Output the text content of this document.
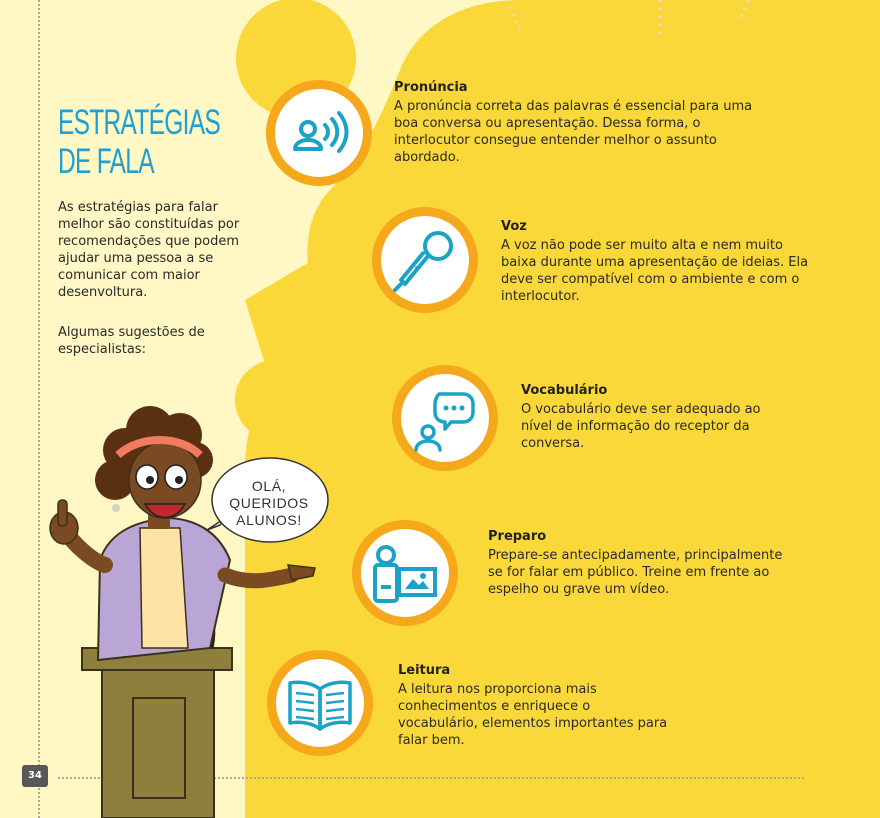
34
ESTRATÉGIAS
DE FALA
As estratégias para falar melhor são constituídas por recomendações que podem ajudar uma pessoa a se comunicar com maior desenvoltura.
Algumas sugestões de especialistas:
OLÁ,
QUERIDOS
ALUNOS!
Pronúncia

A pronúncia correta das palavras é essencial para uma boa conversa ou apresentação. Dessa forma, o interlocutor consegue entender melhor o assunto abordado.

Voz

A voz não pode ser muito alta e nem muito baixa durante uma apresentação de ideias. Ela deve ser compatível com o ambiente e com o interlocutor.

Vocabulário

O vocabulário deve ser adequado ao nível de informação do receptor da conversa.

Preparo

Prepare-se antecipadamente, principalmente se for falar em público. Treine em frente ao espelho ou grave um vídeo.

Leitura

A leitura nos proporciona mais conhecimentos e enriquece o vocabulário, elementos importantes para falar bem.
